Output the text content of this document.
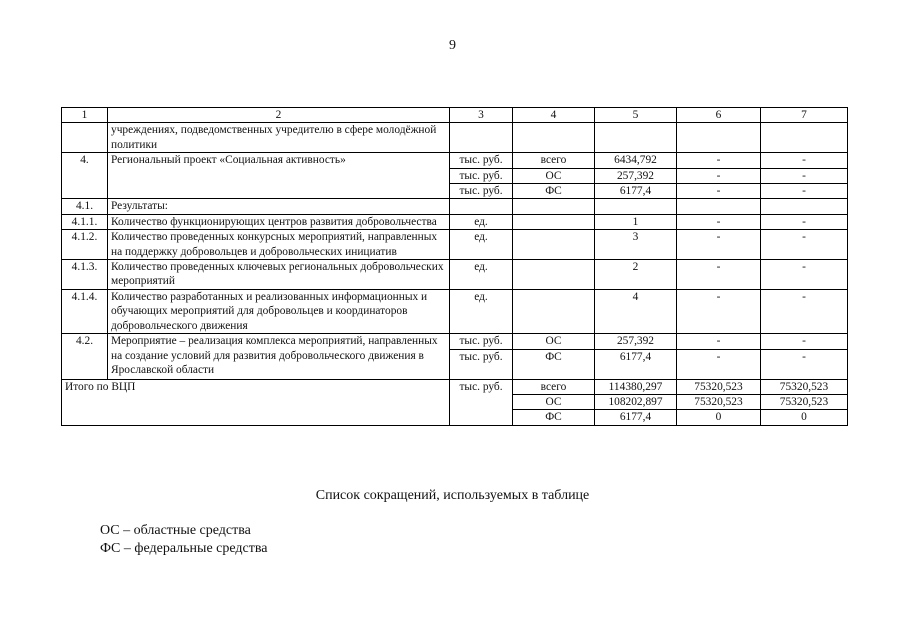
9
1	2	3	4	5	6	7
	учреждениях, подведомственных учредителю в сфере молодёжной политики					
4.	Региональный проект «Социальная активность»	тыс. руб.	всего	6434,792	-	-
		тыс. руб.	ОС	257,392	-	-
		тыс. руб.	ФС	6177,4	-	-
4.1.	Результаты:					
4.1.1.	Количество функционирующих центров развития добровольчества	ед.		1	-	-
4.1.2.	Количество проведенных конкурсных мероприятий, направленных на поддержку добровольцев и добровольческих инициатив	ед.		3	-	-
4.1.3.	Количество проведенных ключевых региональных добровольческих мероприятий	ед.		2	-	-
4.1.4.	Количество разработанных и реализованных информационных и обучающих мероприятий для добровольцев и координаторов добровольческого движения	ед.		4	-	-
4.2.	Мероприятие – реализация комплекса мероприятий, направленных на создание условий для развития добровольческого движения в Ярославской области	тыс. руб.	ОС	257,392	-	-
		тыс. руб.	ФС	6177,4	-	-
Итого по ВЦП		тыс. руб.	всего	114380,297	75320,523	75320,523
			ОС	108202,897	75320,523	75320,523
			ФС	6177,4	0	0
Список сокращений, используемых в таблице
ОС – областные средства
ФС – федеральные средства
